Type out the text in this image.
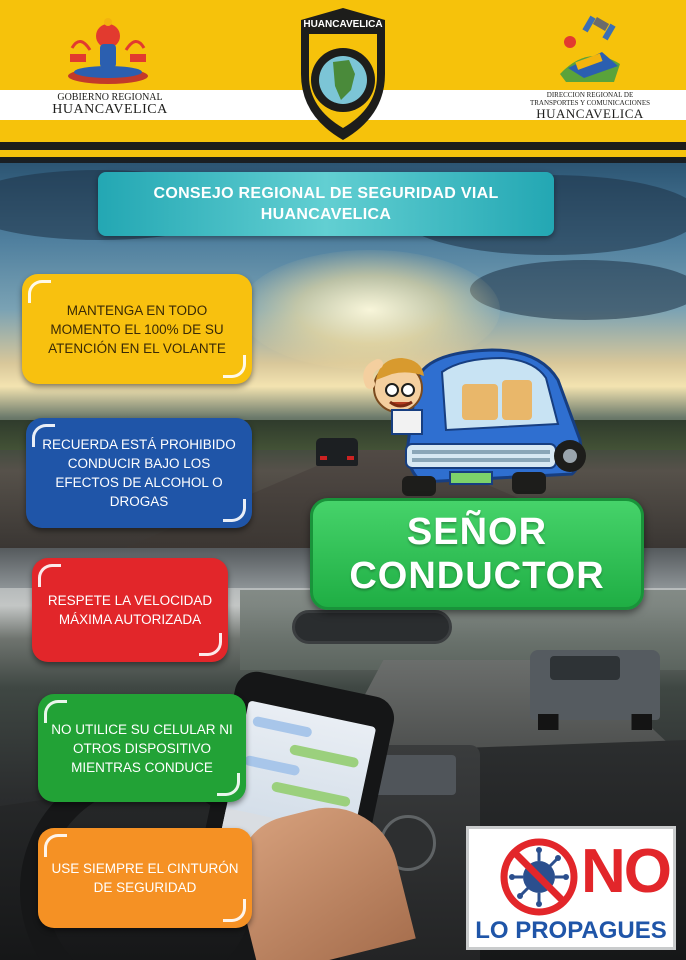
GOBIERNO REGIONAL
HUANCAVELICA
HUANCAVELICA
DIRECCION REGIONAL DE
TRANSPORTES Y COMUNICACIONES
HUANCAVELICA
CONSEJO REGIONAL DE SEGURIDAD VIAL
HUANCAVELICA
MANTENGA EN TODO MOMENTO EL 100% DE SU ATENCIÓN EN EL VOLANTE
RECUERDA ESTÁ PROHIBIDO CONDUCIR BAJO LOS EFECTOS DE ALCOHOL O DROGAS
RESPETE LA VELOCIDAD MÁXIMA AUTORIZADA
NO UTILICE SU CELULAR NI OTROS DISPOSITIVO MIENTRAS CONDUCE
USE SIEMPRE EL CINTURÓN DE SEGURIDAD
SEÑOR
CONDUCTOR
NO
LO PROPAGUES
